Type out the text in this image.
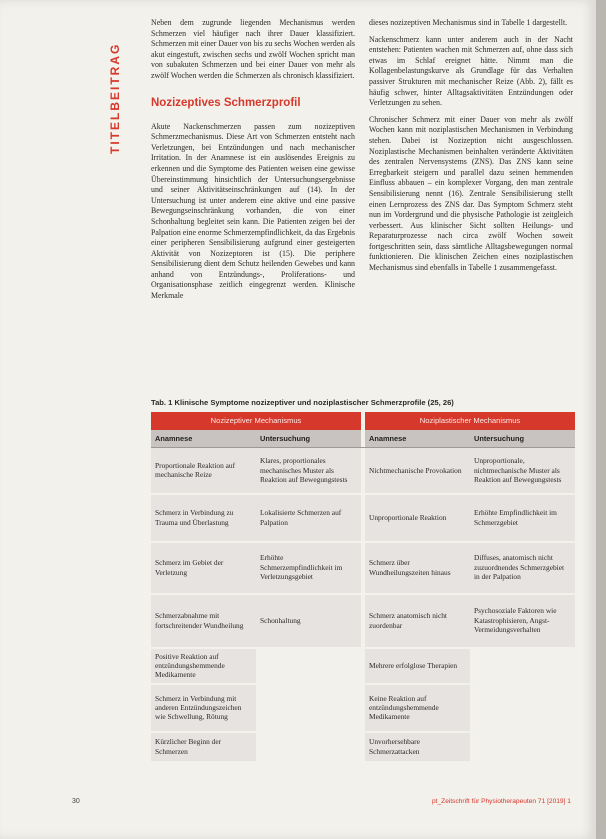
TITELBEITRAG

Neben dem zugrunde liegenden Mechanismus werden Schmerzen viel häufiger nach ihrer Dauer klassifiziert. Schmerzen mit einer Dauer von bis zu sechs Wochen werden als akut eingestuft, zwischen sechs und zwölf Wochen spricht man von subakuten Schmerzen und bei einer Dauer von mehr als zwölf Wochen werden die Schmerzen als chronisch klassifiziert.

Nozizeptives Schmerzprofil

Akute Nackenschmerzen passen zum nozizeptiven Schmerzmechanismus. Diese Art von Schmerzen entsteht nach Verletzungen, bei Entzündungen und nach mechanischer Irritation. In der Anamnese ist ein auslösendes Ereignis zu erkennen und die Symptome des Patienten weisen eine gewisse Übereinstimmung hinsichtlich der Untersuchungsergebnisse und seiner Aktivitätseinschränkungen auf (14). In der Untersuchung ist unter anderem eine aktive und eine passive Bewegungseinschränkung vorhanden, die von einer Schonhaltung begleitet sein kann. Die Patienten zeigen bei der Palpation eine enorme Schmerzempfindlichkeit, da das Ergebnis einer peripheren Sensibilisierung aufgrund einer gesteigerten Aktivität von Nozizeptoren ist (15). Die periphere Sensibilisierung dient dem Schutz heilenden Gewebes und kann anhand von Entzündungs-, Proliferations- und Organisationsphase zeitlich eingegrenzt werden. Klinische Merkmale

dieses nozizeptiven Mechanismus sind in Tabelle 1 dargestellt.

Nackenschmerz kann unter anderem auch in der Nacht entstehen: Patienten wachen mit Schmerzen auf, ohne dass sich etwas im Schlaf ereignet hätte. Nimmt man die Kollagenbelastungskurve als Grundlage für das Verhalten passiver Strukturen mit mechanischer Reize (Abb. 2), fällt es häufig schwer, hinter Alltagsaktivitäten Entzündungen oder Verletzungen zu sehen.

Chronischer Schmerz mit einer Dauer von mehr als zwölf Wochen kann mit noziplastischen Mechanismen in Verbindung stehen. Dabei ist Nozizeption nicht ausgeschlossen. Noziplastische Mechanismen beinhalten veränderte Aktivitäten des zentralen Nervensystems (ZNS). Das ZNS kann seine Erregbarkeit steigern und parallel dazu seinen hemmenden Einfluss abbauen – ein komplexer Vorgang, den man zentrale Sensibilisierung nennt (16). Zentrale Sensibilisierung stellt einen Lernprozess des ZNS dar. Das Symptom Schmerz steht nun im Vordergrund und die physische Pathologie ist zeitgleich verbessert. Aus klinischer Sicht sollten Heilungs- und Reparaturprozesse nach circa zwölf Wochen soweit fortgeschritten sein, dass sämtliche Alltagsbewegungen normal funktionieren. Die klinischen Zeichen eines noziplastischen Mechanismus sind ebenfalls in Tabelle 1 zusammengefasst.

Tab. 1 Klinische Symptome nozizeptiver und noziplastischer Schmerzprofile (25, 26)
Nozizeptiver Mechanismus			Noziplastischer Mechanismus	
Anamnese	Untersuchung		Anamnese	Untersuchung
Proportionale Reaktion auf mechanische Reize	Klares, proportionales mechanisches Muster als Reaktion auf Bewegungstests		Nichtmechanische Provokation	Unproportionale, nichtmechanische Muster als Reaktion auf Bewegungstests
Schmerz in Verbindung zu Trauma und Überlastung	Lokalisierte Schmerzen auf Palpation		Unproportionale Reaktion	Erhöhte Empfindlichkeit im Schmerzgebiet
Schmerz im Gebiet der Verletzung	Erhöhte Schmerzempfindlichkeit im Verletzungsgebiet		Schmerz über Wundheilungszeiten hinaus	Diffuses, anatomisch nicht zuzuordnendes Schmerzgebiet in der Palpation
Schmerzabnahme mit fortschreitender Wundheilung	Schonhaltung		Schmerz anatomisch nicht zuordenbar	Psychosoziale Faktoren wie Katastrophisieren, Angst-Vermeidungsverhalten
Positive Reaktion auf entzündungshemmende Medikamente			Mehrere erfolglose Therapien	
Schmerz in Verbindung mit anderen Entzündungszeichen wie Schwellung, Rötung			Keine Reaktion auf entzündungshemmende Medikamente	
Kürzlicher Beginn der Schmerzen			Unvorhersehbare Schmerzattacken	
30	pt_Zeitschrift für Physiotherapeuten 71 [2019] 1
